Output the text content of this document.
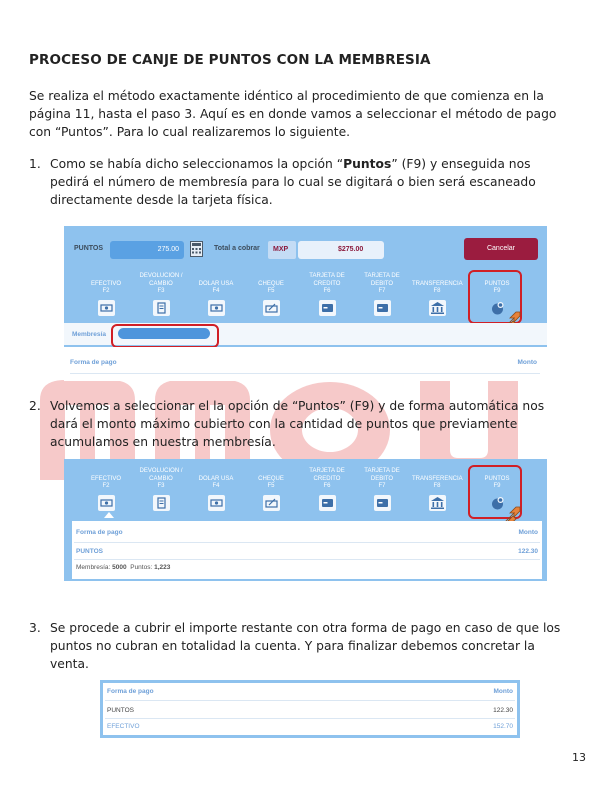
PROCESO DE CANJE DE PUNTOS CON LA MEMBRESIA
Se realiza el método exactamente idéntico al procedimiento de que comienza en la página 11, hasta el paso 3. Aquí es en donde vamos a seleccionar el método de pago con “Puntos”. Para lo cual realizaremos lo siguiente.
1. Como se había dicho seleccionamos la opción “Puntos” (F9) y enseguida nos pedirá el número de membresía para lo cual se digitará o bien será escaneado directamente desde la tarjeta física.
PUNTOS	275.00	Total a cobrar MXP	$275.00	Cancelar
EFECTIVO
F2
DEVOLUCION / CAMBIO
F3
DOLAR USA
F4
CHEQUE
F5
TARJETA DE CREDITO
F6
TARJETA DE DEBITO
F7
TRANSFERENCIA
F8
PUNTOS
F9
Membresía
Forma de pago	Monto
2. Volvemos a seleccionar el la opción de “Puntos” (F9) y de forma automática nos dará el monto máximo cubierto con la cantidad de puntos que previamente acumulamos en nuestra membresía.
EFECTIVO
F2
DEVOLUCION / CAMBIO
F3
DOLAR USA
F4
CHEQUE
F5
TARJETA DE CREDITO
F6
TARJETA DE DEBITO
F7
TRANSFERENCIA
F8
PUNTOS
F9
Forma de pago	Monto
PUNTOS	122.30
Membresía: 5000 Puntos: 1,223
3. Se procede a cubrir el importe restante con otra forma de pago en caso de que los puntos no cubran en totalidad la cuenta. Y para finalizar debemos concretar la venta.
Forma de pago	Monto
PUNTOS	122.30
EFECTIVO	152.70
13
